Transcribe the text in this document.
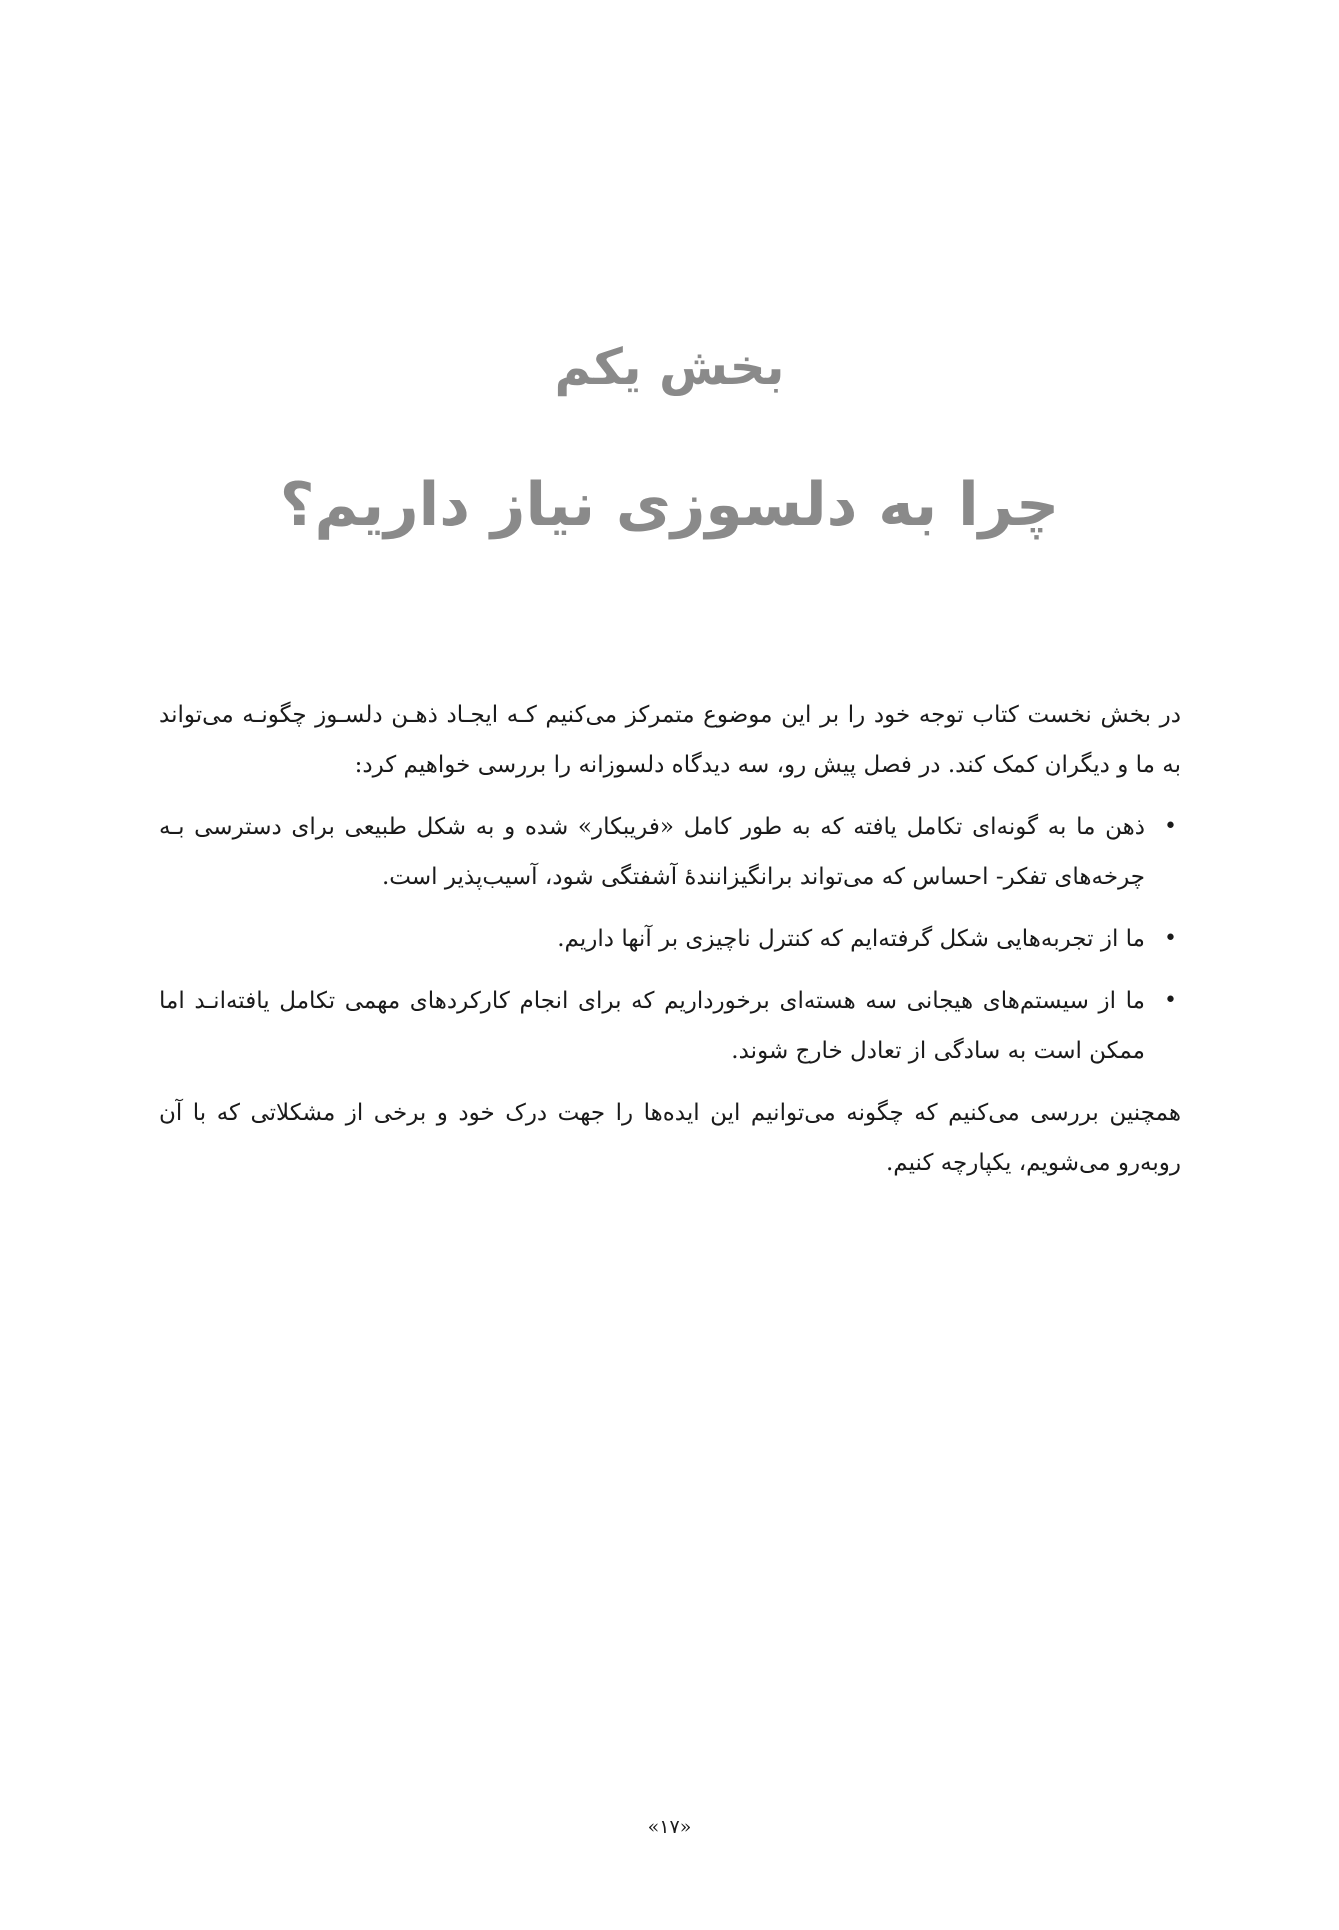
بخش یکم
چرا به دلسوزی نیاز داریم؟

در بخش نخست کتاب توجه خود را بر این موضوع متمرکز می‌کنیم کـه ایجـاد ذهـن دلسـوز چگونـه می‌تواند به ما و دیگران کمک کند. در فصل پیش رو، سه دیدگاه دلسوزانه را بررسی خواهیم کرد:

•
ذهن ما به گونه‌ای تکامل یافته که به طور کامل «فریبکار» شده و به شکل طبیعی برای دسترسی بـه چرخه‌های تفکر- احساس که می‌تواند برانگیزانندۀ آشفتگی شود، آسیب‌پذیر است.
•
ما از تجربه‌هایی شکل گرفته‌ایم که کنترل ناچیزی بر آنها داریم.
•
ما از سیستم‌های هیجانی سه هسته‌ای برخورداریم که برای انجام کارکردهای مهمی تکامل یافته‌انـد اما ممکن است به سادگی از تعادل خارج شوند.

همچنین بررسی می‌کنیم که چگونه می‌توانیم این ایده‌ها را جهت درک خود و برخی از مشکلاتی که با آن روبه‌رو می‌شویم، یکپارچه کنیم.

«۱۷»
